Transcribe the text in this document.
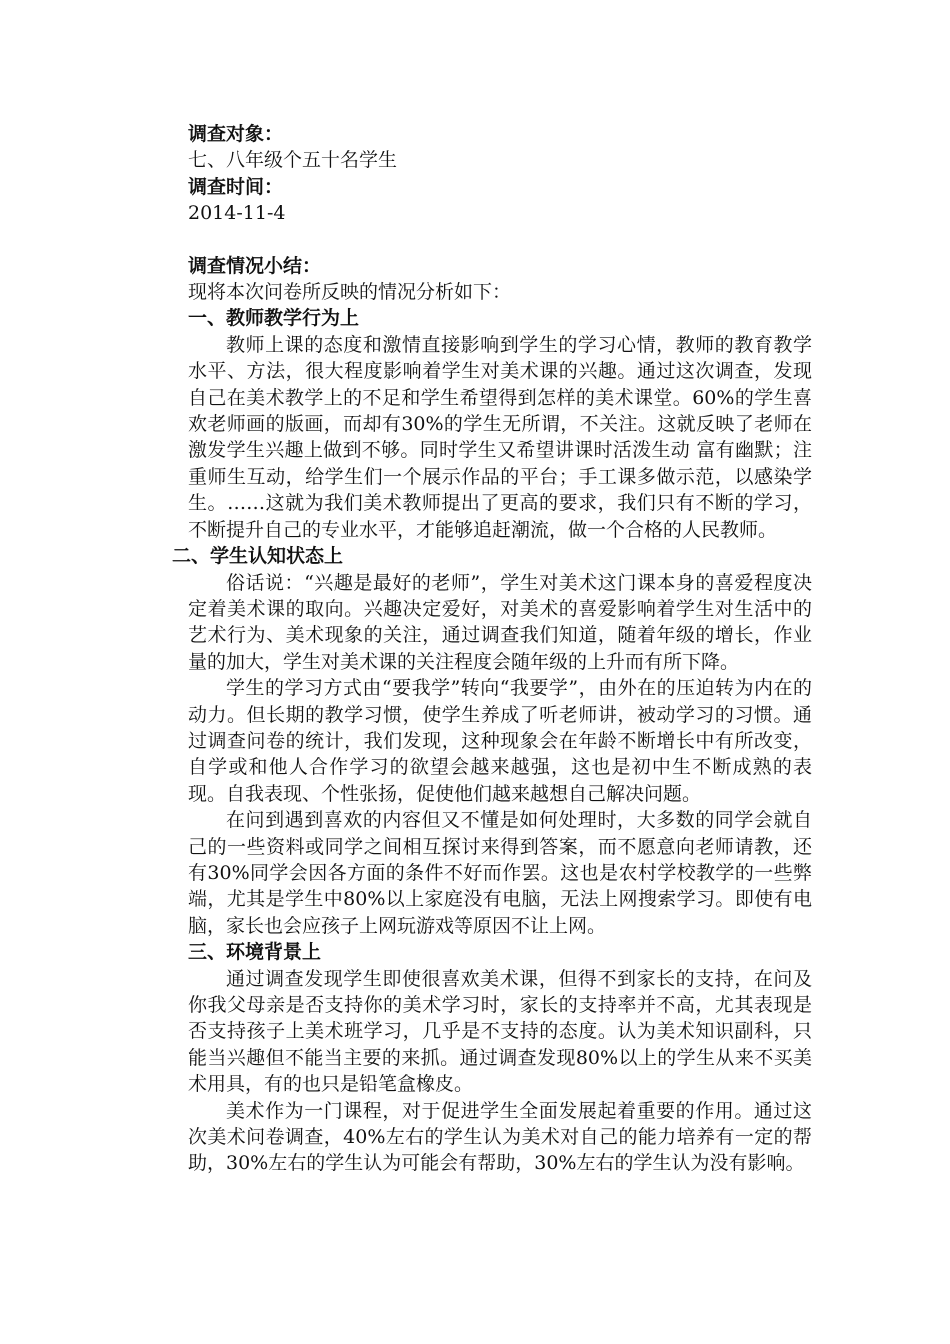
调查对象：

七、八年级个五十名学生

调查时间：

2014-11-4

调查情况小结：

现将本次问卷所反映的情况分析如下：

一、教师教学行为上

教师上课的态度和激情直接影响到学生的学习心情，教师的教育教学水平、方法，很大程度影响着学生对美术课的兴趣。通过这次调查，发现自己在美术教学上的不足和学生希望得到怎样的美术课堂。60%的学生喜欢老师画的版画，而却有30%的学生无所谓，不关注。这就反映了老师在激发学生兴趣上做到不够。同时学生又希望讲课时活泼生动 富有幽默；注重师生互动，给学生们一个展示作品的平台；手工课多做示范，以感染学生。……这就为我们美术教师提出了更高的要求，我们只有不断的学习，不断提升自己的专业水平，才能够追赶潮流，做一个合格的人民教师。

二、学生认知状态上

俗话说：“兴趣是最好的老师”，学生对美术这门课本身的喜爱程度决定着美术课的取向。兴趣决定爱好，对美术的喜爱影响着学生对生活中的艺术行为、美术现象的关注，通过调查我们知道，随着年级的增长，作业量的加大，学生对美术课的关注程度会随年级的上升而有所下降。

学生的学习方式由“要我学”转向“我要学”，由外在的压迫转为内在的动力。但长期的教学习惯，使学生养成了听老师讲，被动学习的习惯。通过调查问卷的统计，我们发现，这种现象会在年龄不断增长中有所改变，自学或和他人合作学习的欲望会越来越强，这也是初中生不断成熟的表现。自我表现、个性张扬，促使他们越来越想自己解决问题。

在问到遇到喜欢的内容但又不懂是如何处理时，大多数的同学会就自己的一些资料或同学之间相互探讨来得到答案，而不愿意向老师请教，还有30%同学会因各方面的条件不好而作罢。这也是农村学校教学的一些弊端，尤其是学生中80%以上家庭没有电脑，无法上网搜索学习。即使有电脑，家长也会应孩子上网玩游戏等原因不让上网。

三、环境背景上

通过调查发现学生即使很喜欢美术课，但得不到家长的支持，在问及你我父母亲是否支持你的美术学习时，家长的支持率并不高，尤其表现是否支持孩子上美术班学习，几乎是不支持的态度。认为美术知识副科，只能当兴趣但不能当主要的来抓。通过调查发现80%以上的学生从来不买美术用具，有的也只是铅笔盒橡皮。

美术作为一门课程，对于促进学生全面发展起着重要的作用。通过这次美术问卷调查，40%左右的学生认为美术对自己的能力培养有一定的帮助，30%左右的学生认为可能会有帮助，30%左右的学生认为没有影响。
